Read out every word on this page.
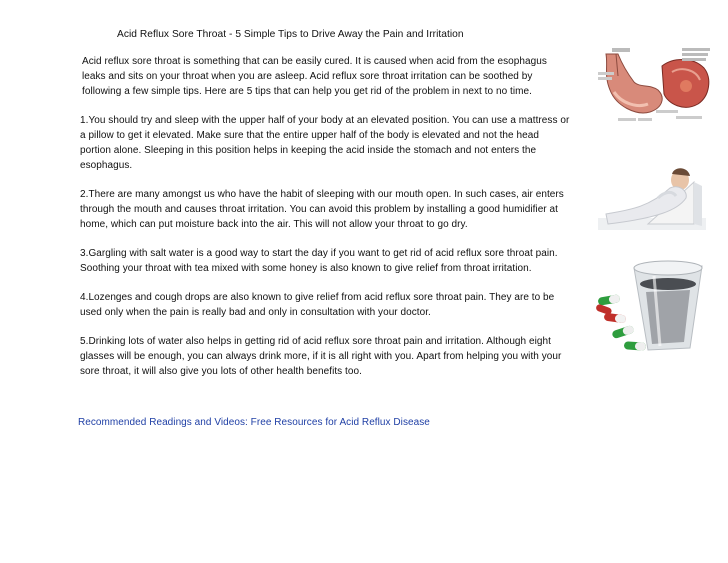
Acid Reflux Sore Throat - 5 Simple Tips to Drive Away the Pain and Irritation

Acid reflux sore throat is something that can be easily cured. It is caused when acid from the esophagus leaks and sits on your throat when you are asleep. Acid reflux sore throat irritation can be soothed by following a few simple tips. Here are 5 tips that can help you get rid of the problem in next to no time.

1.You should try and sleep with the upper half of your body at an elevated position. You can use a mattress or a pillow to get it elevated. Make sure that the entire upper half of the body is elevated and not the head portion alone. Sleeping in this position helps in keeping the acid inside the stomach and not enters the esophagus.

2.There are many amongst us who have the habit of sleeping with our mouth open. In such cases, air enters through the mouth and causes throat irritation. You can avoid this problem by installing a good humidifier at home, which can put moisture back into the air. This will not allow your throat to go dry.

3.Gargling with salt water is a good way to start the day if you want to get rid of acid reflux sore throat pain. Soothing your throat with tea mixed with some honey is also known to give relief from throat irritation.

4.Lozenges and cough drops are also known to give relief from acid reflux sore throat pain. They are to be used only when the pain is really bad and only in consultation with your doctor.

5.Drinking lots of water also helps in getting rid of acid reflux sore throat pain and irritation. Although eight glasses will be enough, you can always drink more, if it is all right with you. Apart from helping you with your sore throat, it will also give you lots of other health benefits too.

Recommended Readings and Videos: Free Resources for Acid Reflux Disease
